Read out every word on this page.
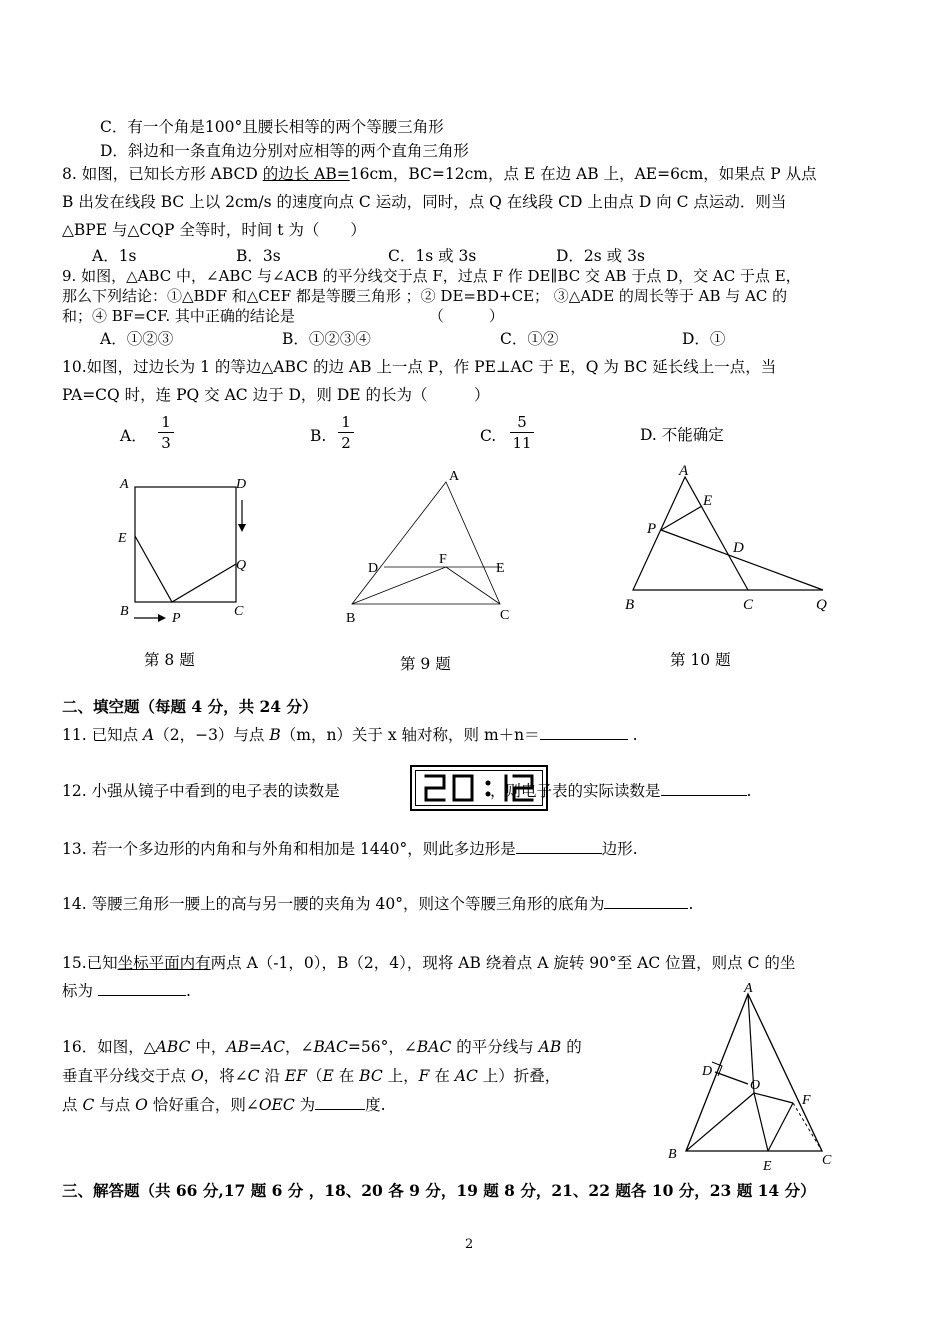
C．有一个角是100°且腰长相等的两个等腰三角形
D．斜边和一条直角边分别对应相等的两个直角三角形
8. 如图，已知长方形 ABCD 的边长 AB=16cm，BC=12cm，点 E 在边 AB 上，AE=6cm，如果点 P 从点
B 出发在线段 BC 上以 2cm/s 的速度向点 C 运动，同时，点 Q 在线段 CD 上由点 D 向 C 点运动．则当
△BPE 与△CQP 全等时，时间 t 为（　　）
A．1s	B．3s	C．1s 或 3s	D．2s 或 3s
9. 如图，△ABC 中，∠ABC 与∠ACB 的平分线交于点 F，过点 F 作 DE∥BC 交 AB 于点 D，交 AC 于点 E，
那么下列结论：①△BDF 和△CEF 都是等腰三角形 ；② DE=BD+CE； ③△ADE 的周长等于 AB 与 AC 的
和；④ BF=CF. 其中正确的结论是	（　　　）
A．①②③	B．①②③④	C．①②	D．①
10.如图，过边长为 1 的等边△ABC 的边 AB 上一点 P，作 PE⊥AC 于 E，Q 为 BC 延长线上一点，当
PA=CQ 时，连 PQ 交 AC 边于 D，则 DE 的长为（　　　）
A．
1
3	B.
1
2	C.
5
11	D. 不能确定
A	D
E
Q
B	P	C
第 8 题
A
D
F
E
B	C
第 9 题
A
E
P
D
B	C	Q
第 10 题
二、填空题（每题 4 分，共 24 分）
11. 已知点 A（2，−3）与点 B（m，n）关于 x 轴对称，则 m＋n＝	.
12. 小强从镜子中看到的电子表的读数是	，则电子表的实际读数是	.
13. 若一个多边形的内角和与外角和相加是 1440°，则此多边形是	边形.
14. 等腰三角形一腰上的高与另一腰的夹角为 40°，则这个等腰三角形的底角为	.
15.已知坐标平面内有两点 A（-1，0），B（2，4），现将 AB 绕着点 A 旋转 90°至 AC 位置，则点 C 的坐
标为	.
16．如图，△ABC 中，AB=AC，∠BAC=56°，∠BAC 的平分线与 AB 的
垂直平分线交于点 O，将∠C 沿 EF（E 在 BC 上，F 在 AC 上）折叠，
点 C 与点 O 恰好重合，则∠OEC 为	度.
A
D
O
F
B
E	C
三、解答题（共 66 分,17 题 6 分 ，18、20 各 9 分，19 题 8 分，21、22 题各 10 分，23 题 14 分）
2
